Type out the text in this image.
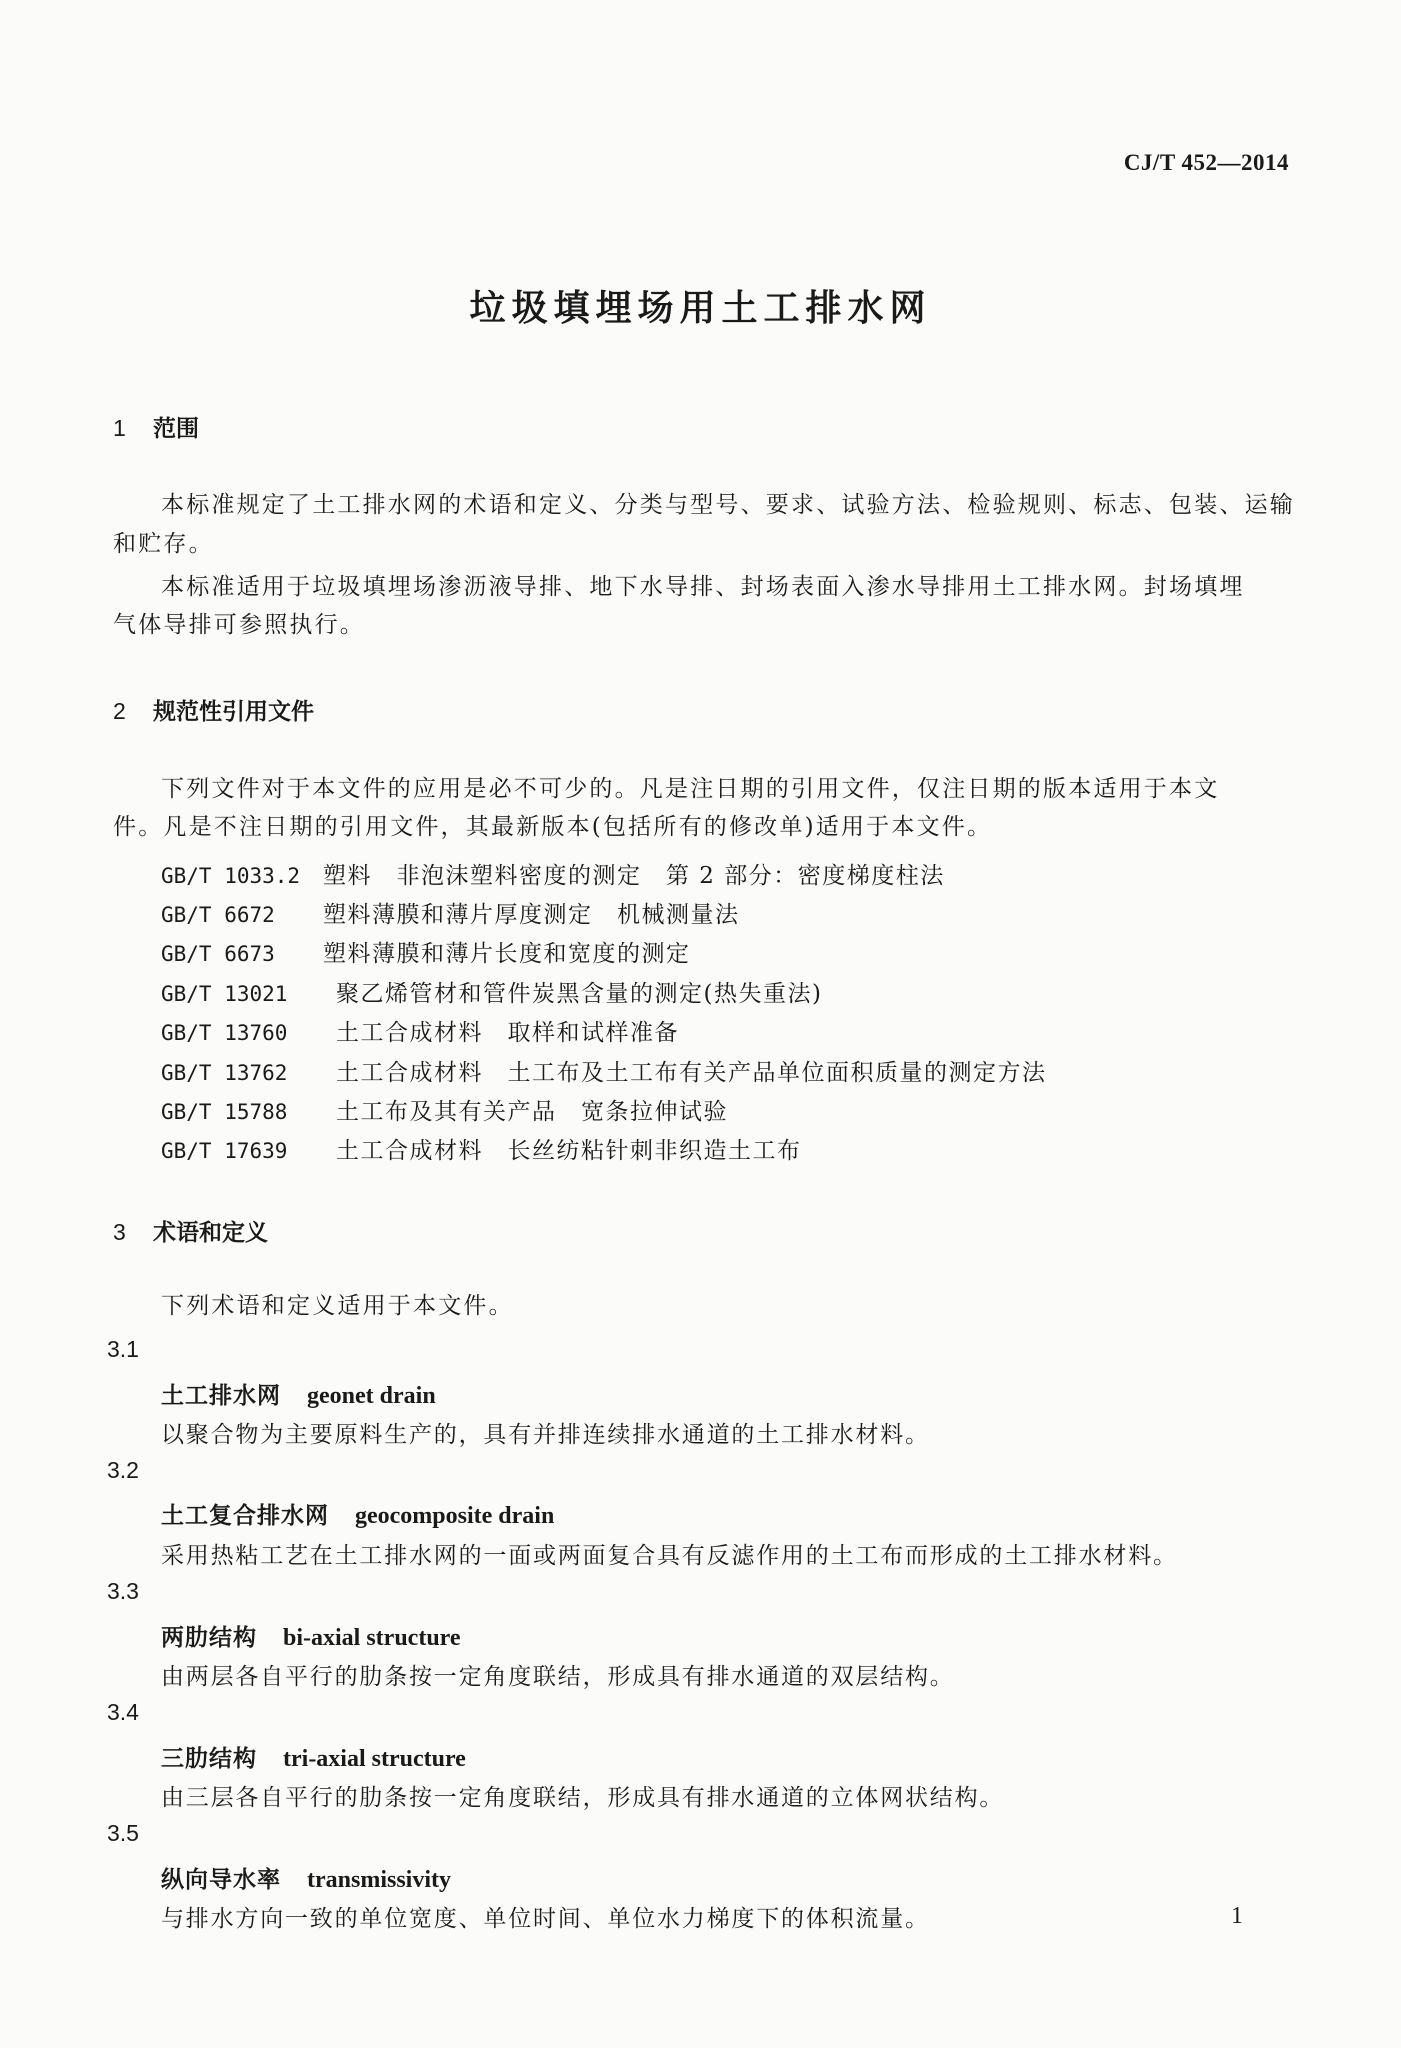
CJ/T 452—2014
垃圾填埋场用土工排水网
1 范围
本标准规定了土工排水网的术语和定义、分类与型号、要求、试验方法、检验规则、标志、包装、运输
和贮存。
本标准适用于垃圾填埋场渗沥液导排、地下水导排、封场表面入渗水导排用土工排水网。封场填埋
气体导排可参照执行。
2 规范性引用文件
下列文件对于本文件的应用是必不可少的。凡是注日期的引用文件，仅注日期的版本适用于本文
件。凡是不注日期的引用文件，其最新版本(包括所有的修改单)适用于本文件。
GB/T 1033.2 塑料　非泡沫塑料密度的测定　第 2 部分：密度梯度柱法
GB/T 6672 塑料薄膜和薄片厚度测定　机械测量法
GB/T 6673 塑料薄膜和薄片长度和宽度的测定
GB/T 13021 聚乙烯管材和管件炭黑含量的测定(热失重法)
GB/T 13760 土工合成材料　取样和试样准备
GB/T 13762 土工合成材料　土工布及土工布有关产品单位面积质量的测定方法
GB/T 15788 土工布及其有关产品　宽条拉伸试验
GB/T 17639 土工合成材料　长丝纺粘针刺非织造土工布
3 术语和定义
下列术语和定义适用于本文件。
3.1
土工排水网 geonet drain
以聚合物为主要原料生产的，具有并排连续排水通道的土工排水材料。
3.2
土工复合排水网 geocomposite drain
采用热粘工艺在土工排水网的一面或两面复合具有反滤作用的土工布而形成的土工排水材料。
3.3
两肋结构 bi-axial structure
由两层各自平行的肋条按一定角度联结，形成具有排水通道的双层结构。
3.4
三肋结构 tri-axial structure
由三层各自平行的肋条按一定角度联结，形成具有排水通道的立体网状结构。
3.5
纵向导水率 transmissivity
与排水方向一致的单位宽度、单位时间、单位水力梯度下的体积流量。	1
